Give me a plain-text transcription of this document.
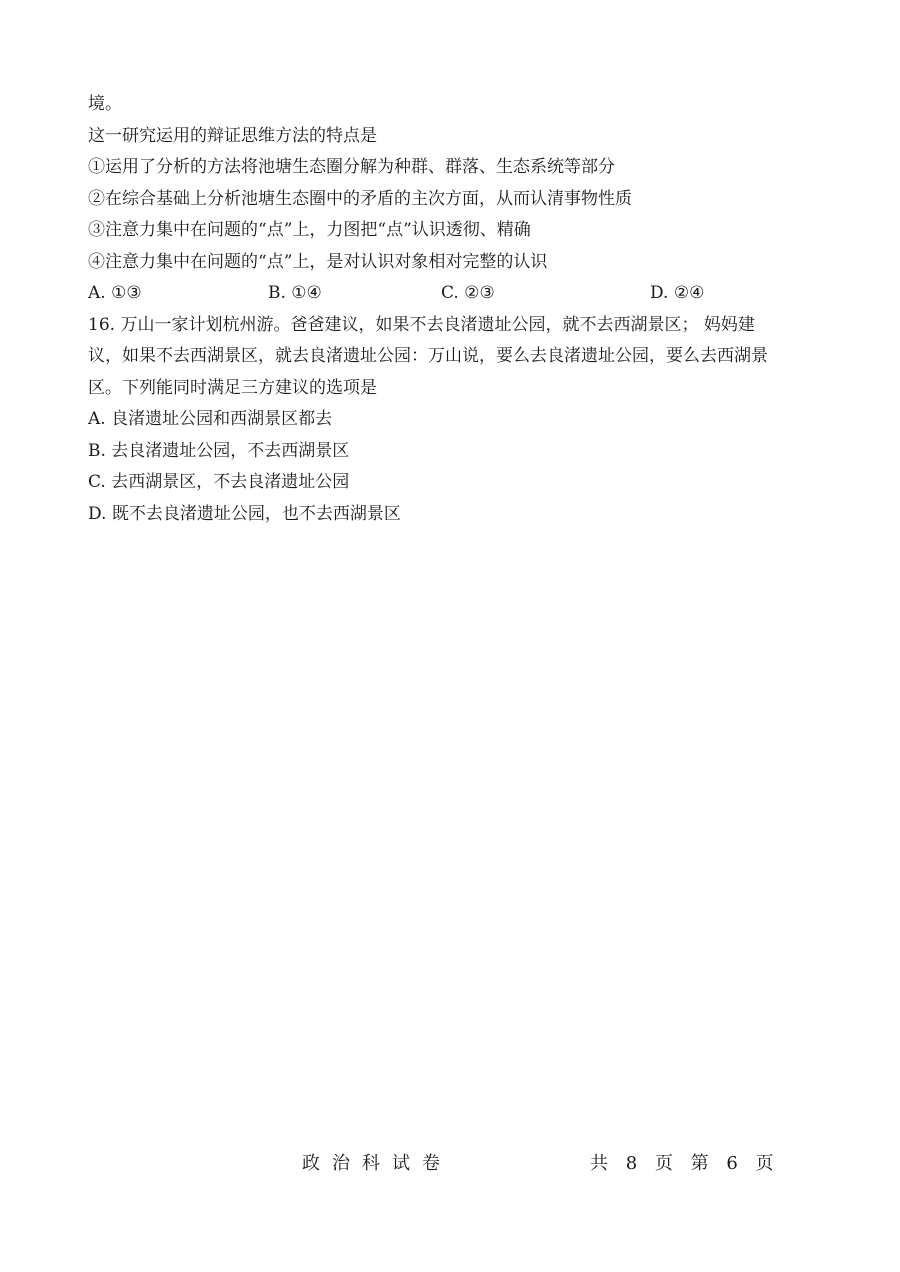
境。
这一研究运用的辩证思维方法的特点是
①运用了分析的方法将池塘生态圈分解为种群、群落、生态系统等部分
②在综合基础上分析池塘生态圈中的矛盾的主次方面，从而认清事物性质
③注意力集中在问题的“点”上，力图把“点”认识透彻、精确
④注意力集中在问题的“点”上，是对认识对象相对完整的认识
A. ①③	B. ①④	C. ②③	D. ②④
16. 万山一家计划杭州游。爸爸建议，如果不去良渚遗址公园，就不去西湖景区； 妈妈建
议，如果不去西湖景区，就去良渚遗址公园：万山说，要么去良渚遗址公园，要么去西湖景
区。下列能同时满足三方建议的选项是
A. 良渚遗址公园和西湖景区都去
B. 去良渚遗址公园，不去西湖景区
C. 去西湖景区，不去良渚遗址公园
D. 既不去良渚遗址公园，也不去西湖景区
政治科试卷	共 8 页 第 6 页
